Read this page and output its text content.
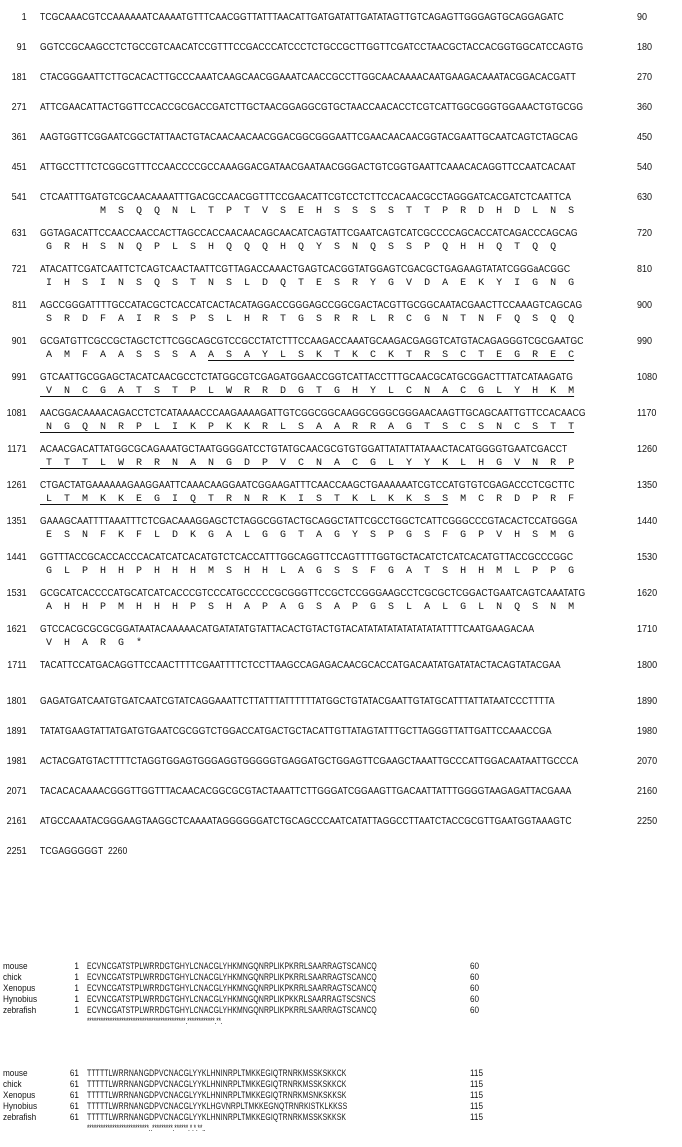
1 TCGCAAACGTCCAAAAAATCAAAATGTTTCAACGGTTATTTAACATTGATGATATTGATATAGTTGTCAGAGTTGGGAGTGCAGGAGATC	90
91 GGTCCGCAAGCCTCTGCCGTCAACATCCGTTTCCGACCCATCCCTCTGCCGCTTGGTTCGATCCTAACGCTACCACGGTGGCATCCAGTG	180
181 CTACGGGAATTCTTGCACACTTGCCCAAATCAAGCAACGGAAATCAACCGCCTTGGCAACAAAACAATGAAGACAAATACGGACACGATT	270
271 ATTCGAACATTACTGGTTCCACCGCGACCGATCTTGCTAACGGAGGCGTGCTAACCAACACCTCGTCATTGGCGGGTGGAAACTGTGCGG	360
361 AAGTGGTTCGGAATCGGCTATTAACTGTACAACAACAACGGACGGCGGGAATTCGAACAACAACGGTACGAATTGCAATCAGTCTAGCAG	450
451 ATTGCCTTTCTCGGCGTTTCCAACCCCGCCAAAGGACGATAACGAATAACGGGACTGTCGGTGAATTCAAACACAGGTTCCAATCACAAT	540
541 CTCAATTTGATGTCGCAACAAAATTTGACGCCAACGGTTTCCGAACATTCGTCCTCTTCCACAACGCCTAGGGATCACGATCTCAATTCA	630
M  S  Q  Q  N  L  T  P  T  V  S  E  H  S  S  S  S  T  T  P  R  D  H  D  L  N  S
631 GGTAGACATTCCAACCAACCACTTAGCCACCAACAACAGCAACATCAGTATTCGAATCAGTCATCGCCCCAGCACCATCAGACCCAGCAG	720
G  R  H  S  N  Q  P  L  S  H  Q  Q  Q  H  Q  Y  S  N  Q  S  S  P  Q  H  H  Q  T  Q  Q
721 ATACATTCGATCAATTCTCAGTCAACTAATTCGTTAGACCAAACTGAGTCACGGTATGGAGTCGACGCTGAGAAGTATATCGGGaACGGC	810
I  H  S  I  N  S  Q  S  T  N  S  L  D  Q  T  E  S  R  Y  G  V  D  A  E  K  Y  I  G  N  G
811 AGCCGGGATTTTGCCATACGCTCACCATCACTACATAGGACCGGGAGCCGGCGACTACGTTGCGGCAATACGAACTTCCAAAGTCAGCAG	900
S  R  D  F  A  I  R  S  P  S  L  H  R  T  G  S  R  R  L  R  C  G  N  T  N  F  Q  S  Q  Q
901 GCGATGTTCGCCGCTAGCTCTTCGGCAGCGTCCGCCTATCTTTCCAAGACCAAATGCAAGACGAGGTCATGTACAGAGGGTCGCGAATGC	990
A  M  F  A  A  S  S  S  A  A  S  A  Y  L  S  K  T  K  C  K  T  R  S  C  T  E  G  R  E  C
991 GTCAATTGCGGAGCTACATCAACGCCTCTATGGCGTCGAGATGGAACCGGTCATTACCTTTGCAACGCATGCGGACTTTATCATAAGATG	1080
V  N  C  G  A  T  S  T  P  L  W  R  R  D  G  T  G  H  Y  L  C  N  A  C  G  L  Y  H  K  M
1081 AACGGACAAAACAGACCTCTCATAAAACCCAAGAAAAGATTGTCGGCGGCAAGGCGGGCGGGAACAAGTTGCAGCAATTGTTCCACAACG	1170
N  G  Q  N  R  P  L  I  K  P  K  K  R  L  S  A  A  R  R  A  G  T  S  C  S  N  C  S  T  T
1171 ACAACGACATTATGGCGCAGAAATGCTAATGGGGATCCTGTATGCAACGCGTGTGGATTATATTATAAACTACATGGGGTGAATCGACCT	1260
T  T  T  L  W  R  R  N  A  N  G  D  P  V  C  N  A  C  G  L  Y  Y  K  L  H  G  V  N  R  P
1261 CTGACTATGAAAAAAGAAGGAATTCAAACAAGGAATCGGAAGATTTCAACCAAGCTGAAAAAATCGTCCATGTGTCGAGACCCTCGCTTC	1350
L  T  M  K  K  E  G  I  Q  T  R  N  R  K  I  S  T  K  L  K  K  S  S  M  C  R  D  P  R  F
1351 GAAAGCAATTTTAAATTTCTCGACAAAGGAGCTCTAGGCGGTACTGCAGGCTATTCGCCTGGCTCATTCGGGCCCGTACACTCCATGGGA	1440
E  S  N  F  K  F  L  D  K  G  A  L  G  G  T  A  G  Y  S  P  G  S  F  G  P  V  H  S  M  G
1441 GGTTTACCGCACCACCCACATCATCACATGTCTCACCATTTGGCAGGTTCCAGTTTTGGTGCTACATCTCATCACATGTTACCGCCCGGC	1530
G  L  P  H  H  P  H  H  H  M  S  H  H  L  A  G  S  S  F  G  A  T  S  H  H  M  L  P  P  G
1531 GCGCATCACCCCATGCATCATCACCCGTCCCATGCCCCCGCGGGTTCCGCTCCGGGAAGCCTCGCGCTCGGACTGAATCAGTCAAATATG	1620
A  H  H  P  M  H  H  H  P  S  H  A  P  A  G  S  A  P  G  S  L  A  L  G  L  N  Q  S  N  M
1621 GTCCACGCGCGCGGATAATACAAAAACATGATATATGTATTACACTGTACTGTACATATATATATATATATATTTTCAATGAAGACAA	1710
V  H  A  R  G  *
1711 TACATTCCATGACAGGTTCCAACTTTTCGAATTTTCTCCTTAAGCCAGAGACAACGCACCATGACAATATGATATACTACAGTATACGAA	1800
1801 GAGATGATCAATGTGATCAATCGTATCAGGAAATTCTTATTTATTTTTTATGGCTGTATACGAATTGTATGCATTTATTATAATCCCTTTTA	1890
1891 TATATGAAGTATTATGATGTGAATCGCGGTCTGGACCATGACTGCTACATTGTTATAGTATTTGCTTAGGGTTATTGATTCCAAACCGA	1980
1981 ACTACGATGTACTTTTCTAGGTGGAGTGGGAGGTGGGGGTGAGGATGCTGGAGTTCGAAGCTAAATTGCCCATTGGACAATAATTGCCCA	2070
2071 TACACACAAAACGGGTTGGTTTACAACACGGCGCGTACTAAATTCTTGGGATCGGAAGTTGACAATTATTTGGGGTAAGAGATTACGAAA	2160
2161 ATGCCAAATACGGGAAGTAAGGCTCAAAATAGGGGGGATCTGCAGCCCAATCATATTAGGCCTTAATCTACCGCGTTGAATGGTAAAGTC	2250
2251 TCGAGGGGGT  2260
mouse	1 ECVNCGATSTPLWRRDGTGHYLCNACGLYHKMNGQNRPLIKPKRRLSAARRAGTSCANCQ	60
chick	1 ECVNCGATSTPLWRRDGTGHYLCNACGLYHKMNGQNRPLIKPKRRLSAARRAGTSCANCQ	60
Xenopus	1 ECVNCGATSTPLWRRDGTGHYLCNACGLYHKMNGQNRPLIKPKRRLSAARRAGTSCANCQ	60
Hynobius	1 ECVNCGATSTPLWRRDGTGHYLCNACGLYHKMNGQNRPLIKPKKRLSAARRAGTSCSNCS	60
zebrafish	1 ECVNCGATSTPLWRRDGTGHYLCNACGLYHKMNGQNRPLIKPKRRLSAARRAGTSCANCQ	60
*******************************************.************.**.
mouse	61 TTTTTLWRRNANGDPVCNACGLYYKLHNINRPLTMKKEGIQTRNRKMSSKSKKCK	115
chick	61 TTTTTLWRRNANGDPVCNACGLYYKLHNINRPLTMKKEGIQTRNRKMSSKSKKCK	115
Xenopus	61 TTTTTLWRRNANGDPVCNACGLYYKLHNINRPLTMKKEGIQTRNRKMSNKSKKSK	115
Hynobius	61 TTTTTLWRRNANGDPVCNACGLYYKLHGVNRPLTMKKEGNQTRNRKISTKLKKSS	115
zebrafish	61 TTTTTLWRRNANGDPVCNACGLYYKLHNINRPLTMKKEGIQTRNRKMSSKSKKSK	115
***************************..*********.******.*.*.**..
